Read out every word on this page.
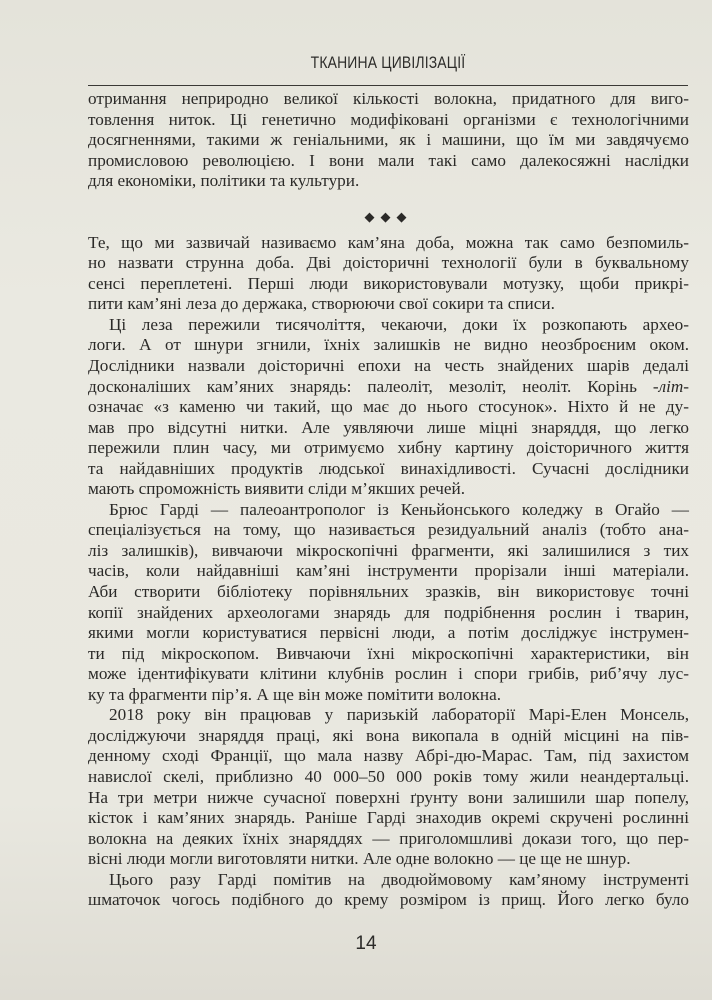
ТКАНИНА ЦИВІЛІЗАЦІЇ
отримання неприродно великої кількості волокна, придатного для виго-
товлення ниток. Ці генетично модифіковані організми є технологічними
досягненнями, такими ж геніальними, як і машини, що їм ми завдячуємо
промисловою революцією. І вони мали такі само далекосяжні наслідки
для економіки, політики та культури.
◆◆◆
Те, що ми зазвичай називаємо кам’яна доба, можна так само безпомиль-
но назвати струнна доба. Дві доісторичні технології були в буквальному
сенсі переплетені. Перші люди використовували мотузку, щоби прикрі-
пити кам’яні леза до держака, створюючи свої сокири та списи.
Ці леза пережили тисячоліття, чекаючи, доки їх розкопають архео-
логи. А от шнури згнили, їхніх залишків не видно неозброєним оком.
Дослідники назвали доісторичні епохи на честь знайдених шарів дедалі
досконаліших кам’яних знарядь: палеоліт, мезоліт, неоліт. Корінь -літ-
означає «з каменю чи такий, що має до нього стосунок». Ніхто й не ду-
мав про відсутні нитки. Але уявляючи лише міцні знаряддя, що легко
пережили плин часу, ми отримуємо хибну картину доісторичного життя
та найдавніших продуктів людської винахідливості. Сучасні дослідники
мають спроможність виявити сліди м’якших речей.
Брюс Гарді — палеоантрополог із Кеньйонського коледжу в Огайо —
спеціалізується на тому, що називається резидуальний аналіз (тобто ана-
ліз залишків), вивчаючи мікроскопічні фрагменти, які залишилися з тих
часів, коли найдавніші кам’яні інструменти прорізали інші матеріали.
Аби створити бібліотеку порівняльних зразків, він використовує точні
копії знайдених археологами знарядь для подрібнення рослин і тварин,
якими могли користуватися первісні люди, а потім досліджує інструмен-
ти під мікроскопом. Вивчаючи їхні мікроскопічні характеристики, він
може ідентифікувати клітини клубнів рослин і спори грибів, риб’ячу лус-
ку та фрагменти пір’я. А ще він може помітити волокна.
2018 року він працював у паризькій лабораторії Марі-Елен Монсель,
досліджуючи знаряддя праці, які вона викопала в одній місцині на пів-
денному сході Франції, що мала назву Абрі-дю-Марас. Там, під захистом
навислої скелі, приблизно 40 000–50 000 років тому жили неандертальці.
На три метри нижче сучасної поверхні ґрунту вони залишили шар попелу,
кісток і кам’яних знарядь. Раніше Гарді знаходив окремі скручені рослинні
волокна на деяких їхніх знаряддях — приголомшливі докази того, що пер-
вісні люди могли виготовляти нитки. Але одне волокно — це ще не шнур.
Цього разу Гарді помітив на дводюймовому кам’яному інструменті
шматочок чогось подібного до крему розміром із прищ. Його легко було
14
